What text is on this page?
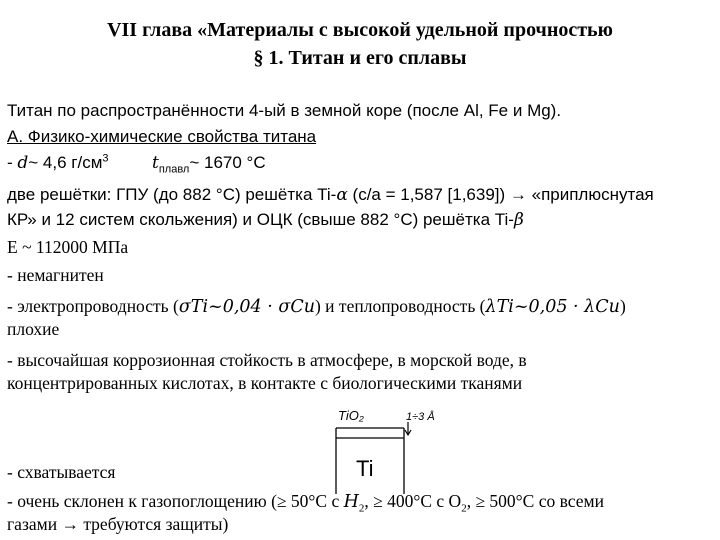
VII глава «Материалы с высокой удельной прочностью
§ 1. Титан и его сплавы
Титан по распространённости 4-ый в земной коре (после Al, Fe и Mg).
А. Физико-химические свойства титана
- d~ 4,6 $г/см^3$	$t_{плавл}\sim$ 1670 °C
две решётки: ГПУ (до 882 °С) решётка Ti-α (c/a = 1,587 [1,639]) → «приплюснутая
КР» и 12 систем скольжения) и ОЦК (свыше 882 °С) решётка Ti-β
E ~ 112000 МПа
- немагнитен
- электропроводность (σTi~0,04 · σCu) и теплопроводность (λTi~0,05 · λCu)
плохие
- высочайшая коррозионная стойкость в атмосфере, в морской воде, в
концентрированных кислотах, в контакте с биологическими тканями
TiO₂	1÷3 Å
Ti
- схватывается
- очень склонен к газопоглощению (≥ 50°C с $H_2$, ≥ 400°C с $O_2$, ≥ 500°C со всеми
газами → требуются защиты)
